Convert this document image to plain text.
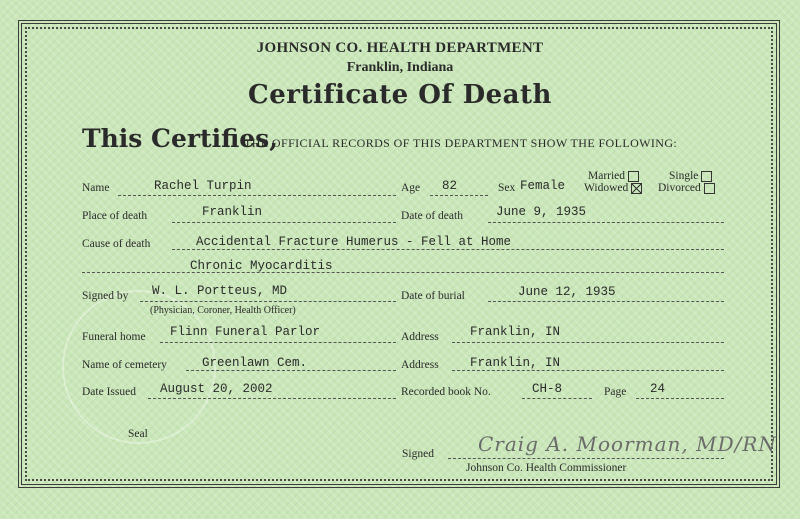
JOHNSON CO. HEALTH DEPARTMENT
Franklin, Indiana
Certificate Of Death
This Certifies,
THE OFFICIAL RECORDS OF THIS DEPARTMENT SHOW THE FOLLOWING:
Married	Single
Widowed	Divorced
Name	Rachel Turpin	Age 82	Sex Female
Place of death	Franklin	Date of death	June 9, 1935
Cause of death	Accidental Fracture Humerus - Fell at Home
Chronic Myocarditis
Signed by W. L. Portteus, MD
(Physician, Coroner, Health Officer)
Date of burial	June 12, 1935
Funeral home Flinn Funeral Parlor	Address	Franklin, IN
Name of cemetery	Greenlawn Cem.	Address	Franklin, IN
Date Issued August 20, 2002	Recorded book No.	CH-8	Page 24
Seal
Signed Craig A. Moorman, MD/RN
Johnson Co. Health Commissioner
